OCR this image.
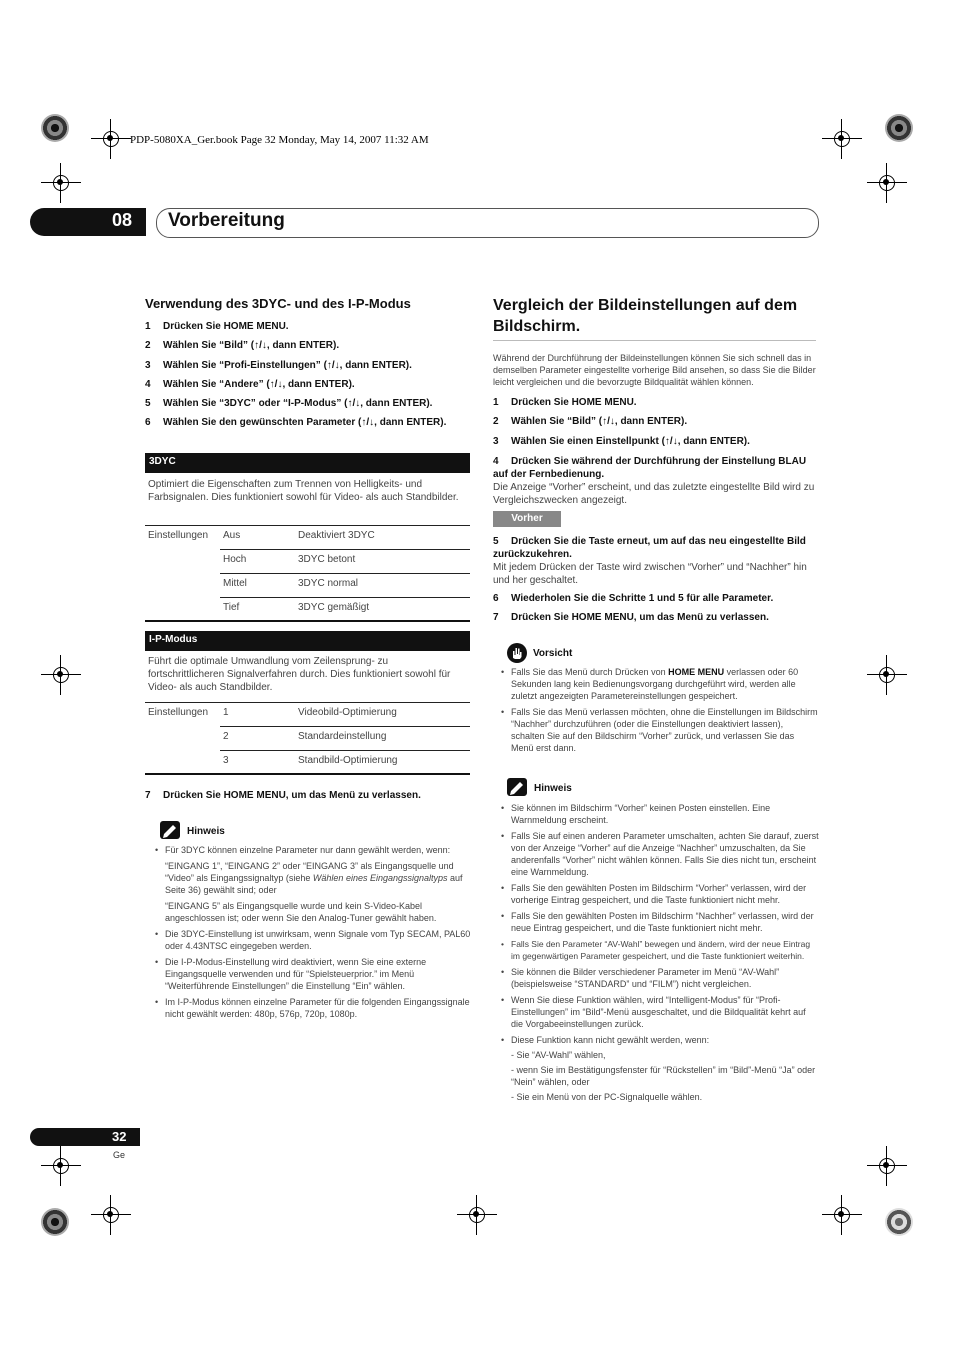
PDP-5080XA_Ger.book Page 32 Monday, May 14, 2007 11:32 AM
08 Vorbereitung
Verwendung des 3DYC- und des I-P-Modus
1 Drücken Sie HOME MENU.
2 Wählen Sie “Bild” (↑/↓, dann ENTER).
3 Wählen Sie “Profi-Einstellungen” (↑/↓, dann ENTER).
4 Wählen Sie “Andere” (↑/↓, dann ENTER).
5 Wählen Sie “3DYC” oder “I-P-Modus” (↑/↓, dann ENTER).
6 Wählen Sie den gewünschten Parameter (↑/↓, dann ENTER).
3DYC
Optimiert die Eigenschaften zum Trennen von Helligkeits- und Farbsignalen. Dies funktioniert sowohl für Video- als auch Standbilder.
Einstellungen Aus	Deaktiviert 3DYC
Hoch	3DYC betont
Mittel	3DYC normal
Tief	3DYC gemäßigt
I-P-Modus
Führt die optimale Umwandlung vom Zeilensprung- zu fortschrittlicheren Signalverfahren durch. Dies funktioniert sowohl für Video- als auch Standbilder.
Einstellungen 1	Videobild-Optimierung
2	Standardeinstellung
3	Standbild-Optimierung
7 Drücken Sie HOME MENU, um das Menü zu verlassen.
Hinweis
• Für 3DYC können einzelne Parameter nur dann gewählt werden, wenn:
“EINGANG 1”, “EINGANG 2” oder “EINGANG 3” als Eingangsquelle und “Video” als Eingangssignaltyp (siehe Wählen eines Eingangssignaltyps auf Seite 36) gewählt sind; oder
“EINGANG 5” als Eingangsquelle wurde und kein S-Video-Kabel angeschlossen ist; oder wenn Sie den Analog-Tuner gewählt haben.
• Die 3DYC-Einstellung ist unwirksam, wenn Signale vom Typ SECAM, PAL60 oder 4.43NTSC eingegeben werden.
• Die I-P-Modus-Einstellung wird deaktiviert, wenn Sie eine externe Eingangsquelle verwenden und für “Spielsteuerprior.” im Menü “Weiterführende Einstellungen” die Einstellung “Ein” wählen.
• Im I-P-Modus können einzelne Parameter für die folgenden Eingangssignale nicht gewählt werden: 480p, 576p, 720p, 1080p.
Vergleich der Bildeinstellungen auf dem Bildschirm.
Während der Durchführung der Bildeinstellungen können Sie sich schnell das in demselben Parameter eingestellte vorherige Bild ansehen, so dass Sie die Bilder leicht vergleichen und die bevorzugte Bildqualität wählen können.
1 Drücken Sie HOME MENU.
2 Wählen Sie “Bild” (↑/↓, dann ENTER).
3 Wählen Sie einen Einstellpunkt (↑/↓, dann ENTER).
4 Drücken Sie während der Durchführung der Einstellung BLAU auf der Fernbedienung.
Die Anzeige “Vorher” erscheint, und das zuletzte eingestellte Bild wird zu Vergleichszwecken angezeigt.
Vorher
5 Drücken Sie die Taste erneut, um auf das neu eingestellte Bild zurückzukehren.
Mit jedem Drücken der Taste wird zwischen “Vorher” und “Nachher” hin und her geschaltet.
6 Wiederholen Sie die Schritte 1 und 5 für alle Parameter.
7 Drücken Sie HOME MENU, um das Menü zu verlassen.
Vorsicht
• Falls Sie das Menü durch Drücken von HOME MENU verlassen oder 60 Sekunden lang kein Bedienungsvorgang durchgeführt wird, werden alle zuletzt angezeigten Parametereinstellungen gespeichert.
• Falls Sie das Menü verlassen möchten, ohne die Einstellungen im Bildschirm “Nachher” durchzuführen (oder die Einstellungen deaktiviert lassen), schalten Sie auf den Bildschirm “Vorher” zurück, und verlassen Sie das Menü erst dann.
Hinweis
• Sie können im Bildschirm “Vorher” keinen Posten einstellen. Eine Warnmeldung erscheint.
• Falls Sie auf einen anderen Parameter umschalten, achten Sie darauf, zuerst von der Anzeige “Vorher” auf die Anzeige “Nachher” umzuschalten, da Sie anderenfalls “Vorher” nicht wählen können. Falls Sie dies nicht tun, erscheint eine Warnmeldung.
• Falls Sie den gewählten Posten im Bildschirm “Vorher” verlassen, wird der vorherige Eintrag gespeichert, und die Taste funktioniert nicht mehr.
• Falls Sie den gewählten Posten im Bildschirm “Nachher” verlassen, wird der neue Eintrag gespeichert, und die Taste funktioniert nicht mehr.
• Falls Sie den Parameter “AV-Wahl” bewegen und ändern, wird der neue Eintrag im gegenwärtigen Parameter gespeichert, und die Taste funktioniert weiterhin.
• Sie können die Bilder verschiedener Parameter im Menü “AV-Wahl” (beispielsweise “STANDARD” und “FILM”) nicht vergleichen.
• Wenn Sie diese Funktion wählen, wird “Intelligent-Modus” für “Profi-Einstellungen” im “Bild”-Menü ausgeschaltet, und die Bildqualität kehrt auf die Vorgabeeinstellungen zurück.
• Diese Funktion kann nicht gewählt werden, wenn:
- Sie “AV-Wahl” wählen,
- wenn Sie im Bestätigungsfenster für “Rückstellen” im “Bild”-Menü “Ja” oder “Nein” wählen, oder
- Sie ein Menü von der PC-Signalquelle wählen.
32
Ge
